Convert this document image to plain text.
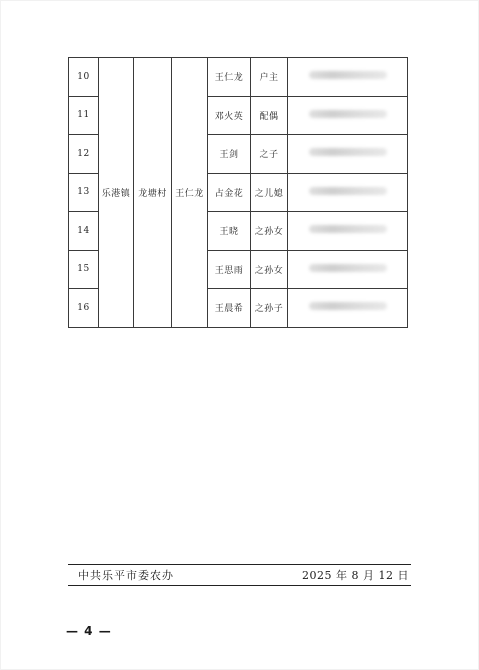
10	乐港镇	龙塘村	王仁龙	王仁龙	户主	
11				邓火英	配偶	
12				王剑	之子	
13				占金花	之儿媳	
14				王晓	之孙女	
15				王思雨	之孙女	
16				王晨希	之孙子	
中共乐平市委农办	2025 年 8 月 12 日
— 4 —
